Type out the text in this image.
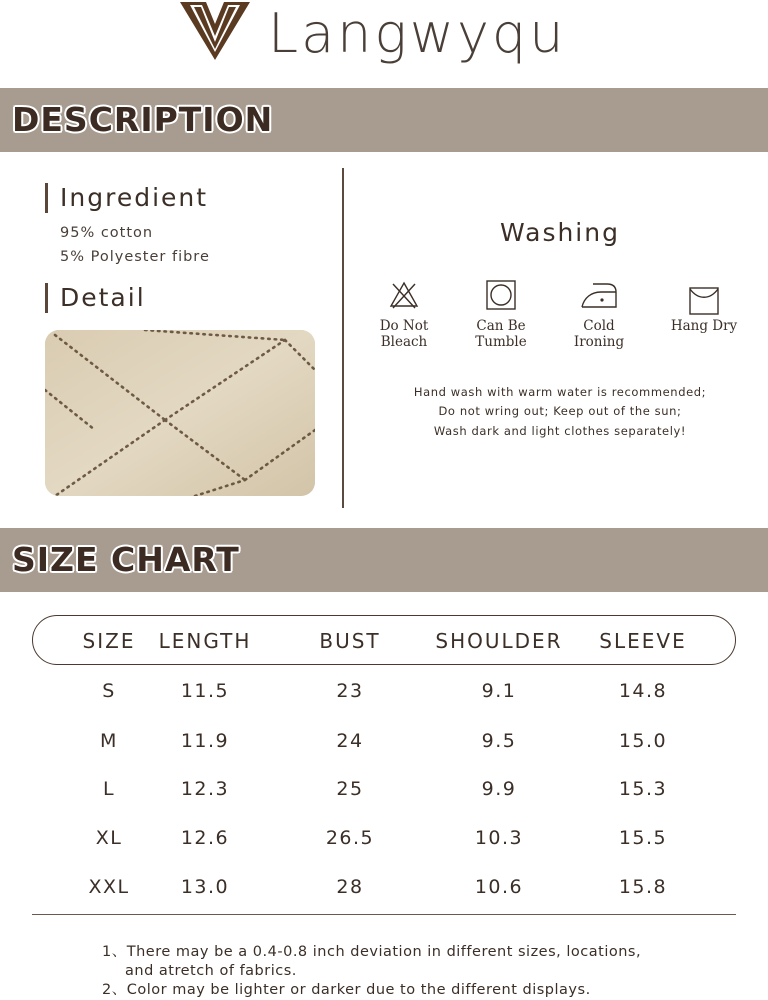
Langwyqu
DESCRIPTION
Ingredient
95% cotton
5% Polyester fibre
Detail
Washing
Do Not
Bleach
Can Be
Tumble
Cold
Ironing
Hang Dry
Hand wash with warm water is recommended;
Do not wring out; Keep out of the sun;
Wash dark and light clothes separately!
SIZE CHART
SIZE	LENGTH	BUST	SHOULDER	SLEEVE
S	11.5	23	9.1	14.8
M	11.9	24	9.5	15.0
L	12.3	25	9.9	15.3
XL	12.6	26.5	10.3	15.5
XXL	13.0	28	10.6	15.8
1、There may be a 0.4-0.8 inch deviation in different sizes, locations,
and atretch of fabrics.
2、Color may be lighter or darker due to the different displays.
